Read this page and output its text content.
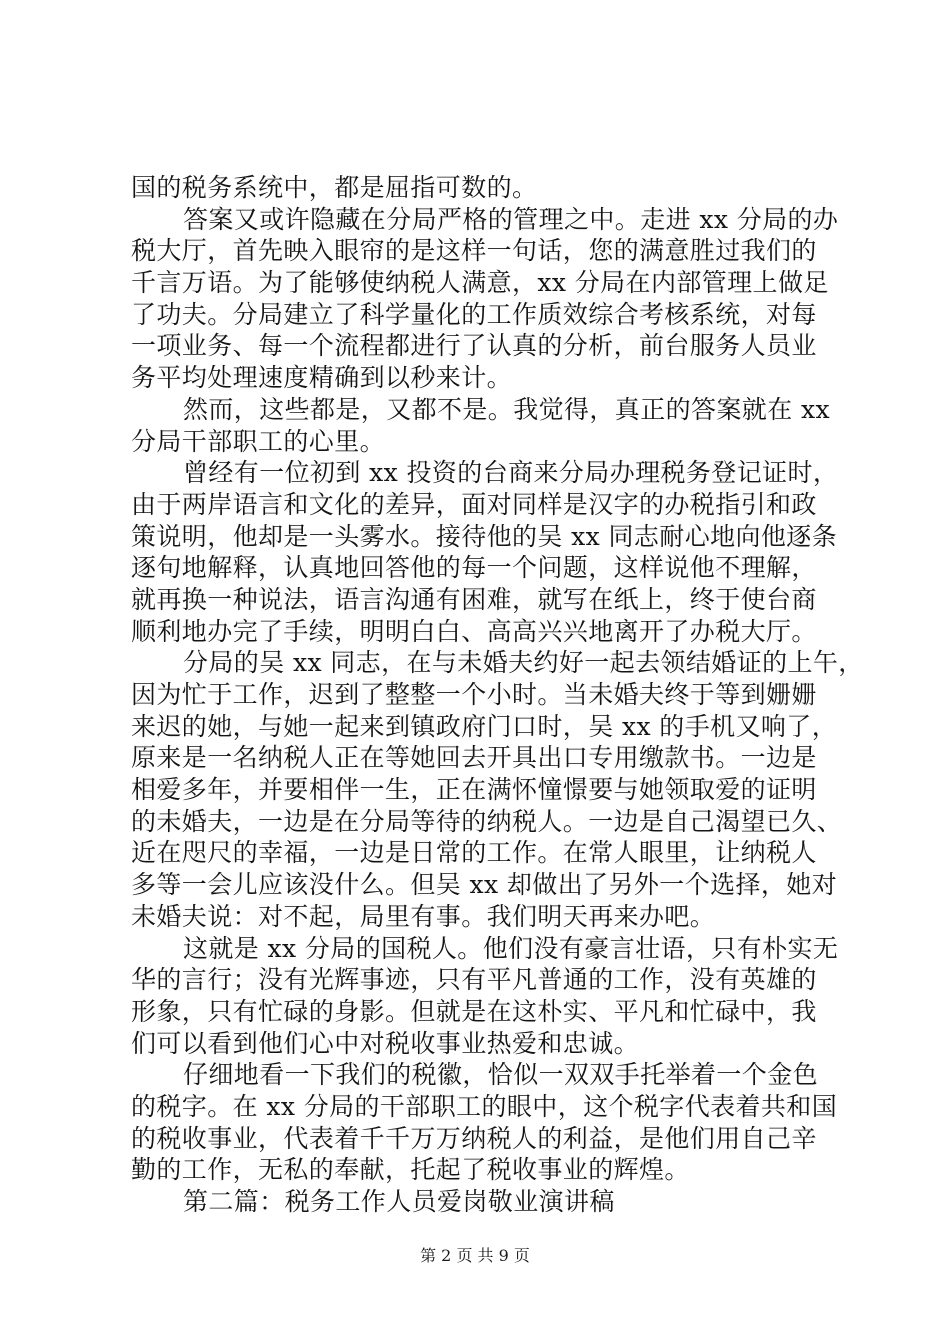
国的税务系统中，都是屈指可数的。
答案又或许隐藏在分局严格的管理之中。走进 xx 分局的办
税大厅，首先映入眼帘的是这样一句话，您的满意胜过我们的
千言万语。为了能够使纳税人满意，xx 分局在内部管理上做足
了功夫。分局建立了科学量化的工作质效综合考核系统，对每
一项业务、每一个流程都进行了认真的分析，前台服务人员业
务平均处理速度精确到以秒来计。
然而，这些都是，又都不是。我觉得，真正的答案就在 xx
分局干部职工的心里。
曾经有一位初到 xx 投资的台商来分局办理税务登记证时，
由于两岸语言和文化的差异，面对同样是汉字的办税指引和政
策说明，他却是一头雾水。接待他的吴 xx 同志耐心地向他逐条
逐句地解释，认真地回答他的每一个问题，这样说他不理解，
就再换一种说法，语言沟通有困难，就写在纸上，终于使台商
顺利地办完了手续，明明白白、高高兴兴地离开了办税大厅。
分局的吴 xx 同志，在与未婚夫约好一起去领结婚证的上午，
因为忙于工作，迟到了整整一个小时。当未婚夫终于等到姗姗
来迟的她，与她一起来到镇政府门口时，吴 xx 的手机又响了，
原来是一名纳税人正在等她回去开具出口专用缴款书。一边是
相爱多年，并要相伴一生，正在满怀憧憬要与她领取爱的证明
的未婚夫，一边是在分局等待的纳税人。一边是自己渴望已久、
近在咫尺的幸福，一边是日常的工作。在常人眼里，让纳税人
多等一会儿应该没什么。但吴 xx 却做出了另外一个选择，她对
未婚夫说：对不起，局里有事。我们明天再来办吧。
这就是 xx 分局的国税人。他们没有豪言壮语，只有朴实无
华的言行；没有光辉事迹，只有平凡普通的工作，没有英雄的
形象，只有忙碌的身影。但就是在这朴实、平凡和忙碌中，我
们可以看到他们心中对税收事业热爱和忠诚。
仔细地看一下我们的税徽，恰似一双双手托举着一个金色
的税字。在 xx 分局的干部职工的眼中，这个税字代表着共和国
的税收事业，代表着千千万万纳税人的利益，是他们用自己辛
勤的工作，无私的奉献，托起了税收事业的辉煌。
第二篇：税务工作人员爱岗敬业演讲稿
第 2 页 共 9 页
